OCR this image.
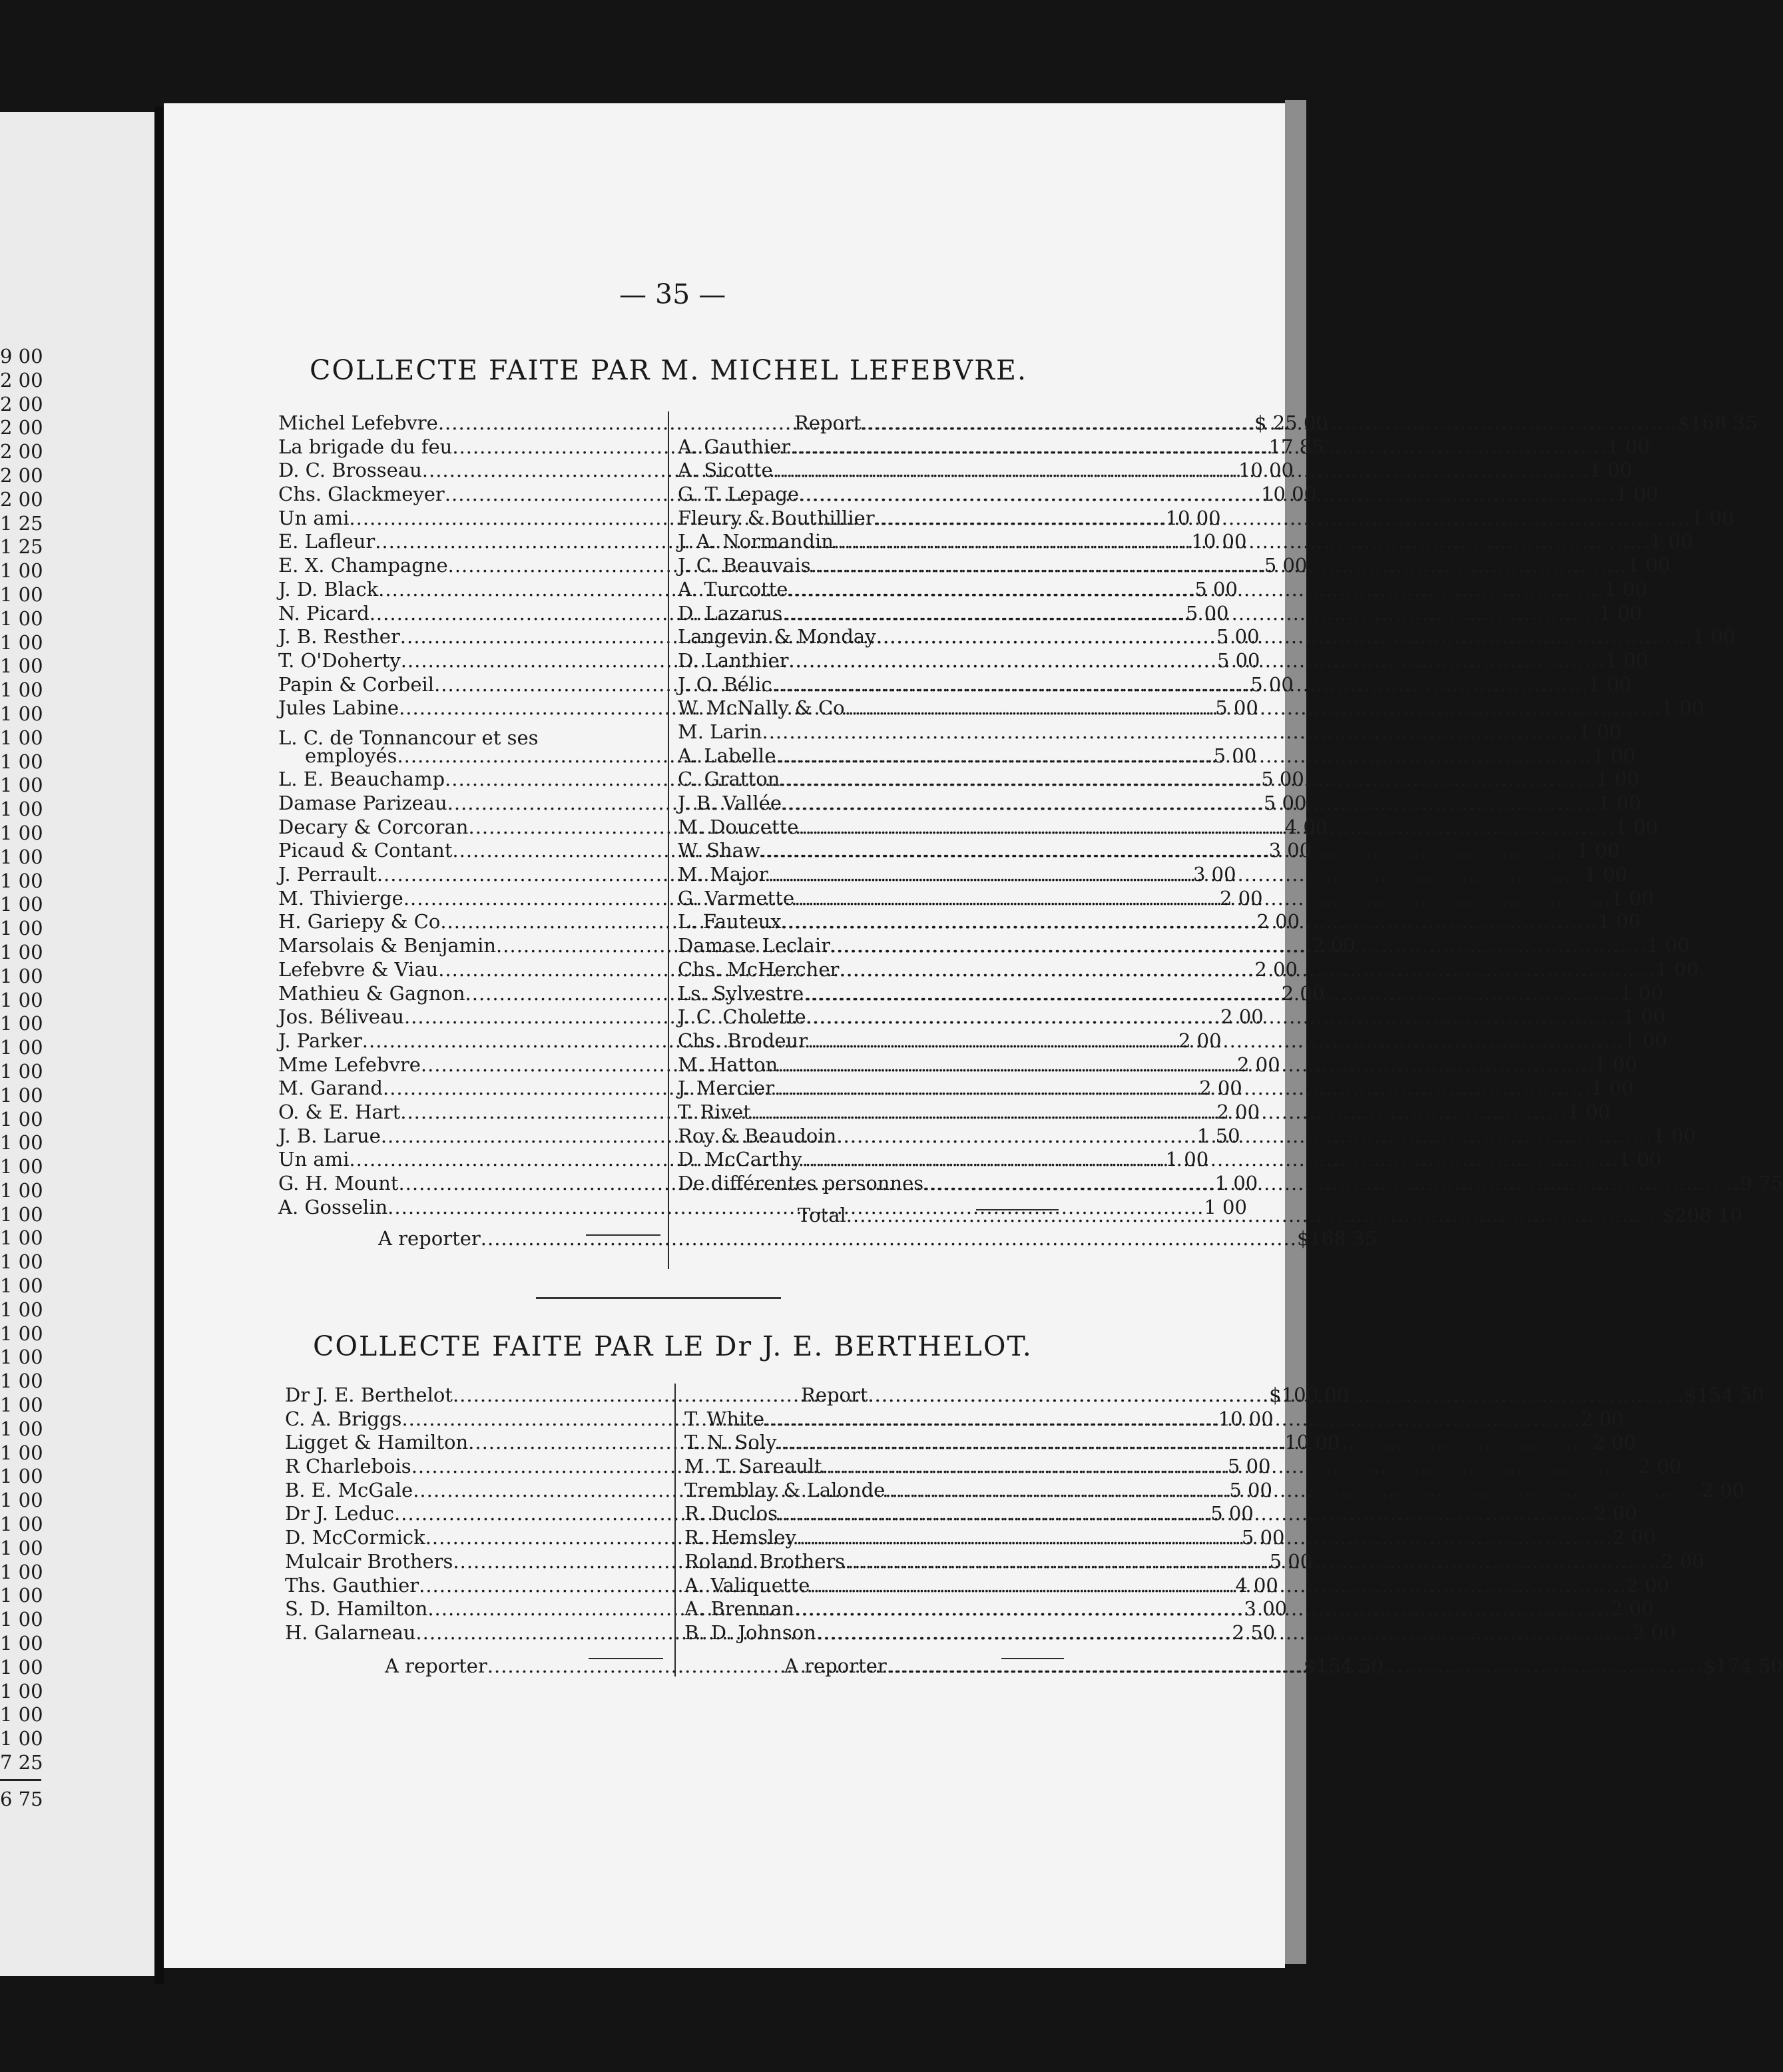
9 00
2 00
2 00
2 00
2 00
2 00
2 00
1 25
1 25
1 00
1 00
1 00
1 00
1 00
1 00
1 00
1 00
1 00
1 00
1 00
1 00
1 00
1 00
1 00
1 00
1 00
1 00
1 00
1 00
1 00
1 00
1 00
1 00
1 00
1 00
1 00
1 00
1 00
1 00
1 00
1 00
1 00
1 00
1 00
1 00
1 00
1 00
1 00
1 00
1 00
1 00
1 00
1 00
1 00
1 00
1 00
1 00
1 00
1 00
7 25
6 75
— 35 —
COLLECTE FAITE PAR M. MICHEL LEFEBVRE.
Michel Lefebvre .....	$ 25 00
La brigade du feu .....	17 85
D. C. Brosseau .....	10 00
Chs. Glackmeyer .....	10 00
Un ami .....	10 00
E. Lafleur .....	10 00
E. X. Champagne .....	5 00
J. D. Black .....	5 00
N. Picard .....	5 00
J. B. Resther .....	5 00
T. O'Doherty .....	5 00
Papin & Corbeil .....	5 00
Jules Labine .....	5 00
L. C. de Tonnancour et ses
employés .....	5 00
L. E. Beauchamp .....	5 00
Damase Parizeau .....	5 00
Decary & Corcoran .....	4 00
Picaud & Contant .....	3 00
J. Perrault .....	3 00
M. Thivierge .....	2 00
H. Gariepy & Co .....	2 00
Marsolais & Benjamin .....	2 00
Lefebvre & Viau .....	2 00
Mathieu & Gagnon .....	2 00
Jos. Béliveau .....	2 00
J. Parker .....	2 00
Mme Lefebvre .....	2 00
M. Garand .....	2 00
O. & E. Hart .....	2 00
J. B. Larue .....	1 50
Un ami .....	1 00
G. H. Mount .....	1 00
A. Gosselin .....	1 00
A reporter .....	$168 35
Report .....	$168 35
A. Gauthier .....	1 00
A. Sicotte .....	1 00
G. T. Lepage .....	1 00
Fleury & Bouthillier .....	1 00
J. A. Normandin .....	1 00
J. C. Beauvais .....	1 00
A. Turcotte .....	1 00
D. Lazarus .....	1 00
Langevin & Monday .....	1 00
D. Lanthier .....	1 00
J. O. Bélic .....	1 00
W. McNally & Co .....	1 00
M. Larin .....	1 00
A. Labelle .....	1 00
C. Gratton .....	1 00
J. B. Vallée .....	1 00
M. Doucette .....	1 00
W. Shaw .....	1 00
M. Major .....	1 00
G. Varmette .....	1 00
L. Fauteux .....	1 00
Damase Leclair .....	1 00
Chs. McHercher .....	1 00
Ls. Sylvestre .....	1 00
J. C. Cholette .....	1 00
Chs. Brodeur .....	1 00
M. Hatton .....	1 00
J. Mercier .....	1 00
T. Rivet .....	1 00
Roy & Beaudoin .....	1 00
D. McCarthy .....	1 00
De différentes personnes .....	9 75
Total .....	$208 10
COLLECTE FAITE PAR LE Dr J. E. BERTHELOT.
Dr J. E. Berthelot .....	$100 00
C. A. Briggs .....	10 00
Ligget & Hamilton .....	10 00
R Charlebois .....	5 00
B. E. McGale .....	5 00
Dr J. Leduc .....	5 00
D. McCormick .....	5 00
Mulcair Brothers .....	5 00
Ths. Gauthier .....	4 00
S. D. Hamilton .....	3 00
H. Galarneau .....	2 50
A reporter .....	$154 50
Report .....	$154 50
T. White .....	2 00
T. N. Soly .....	2 00
M. T. Sareault .....	2 00
Tremblay & Lalonde .....	2 00
R. Duclos .....	2 00
R. Hemsley .....	2 00
Roland Brothers .....	2 00
A. Valiquette .....	2 00
A. Brennan .....	2 00
B. D. Johnson .....	2 00
A reporter .....	$174 50
